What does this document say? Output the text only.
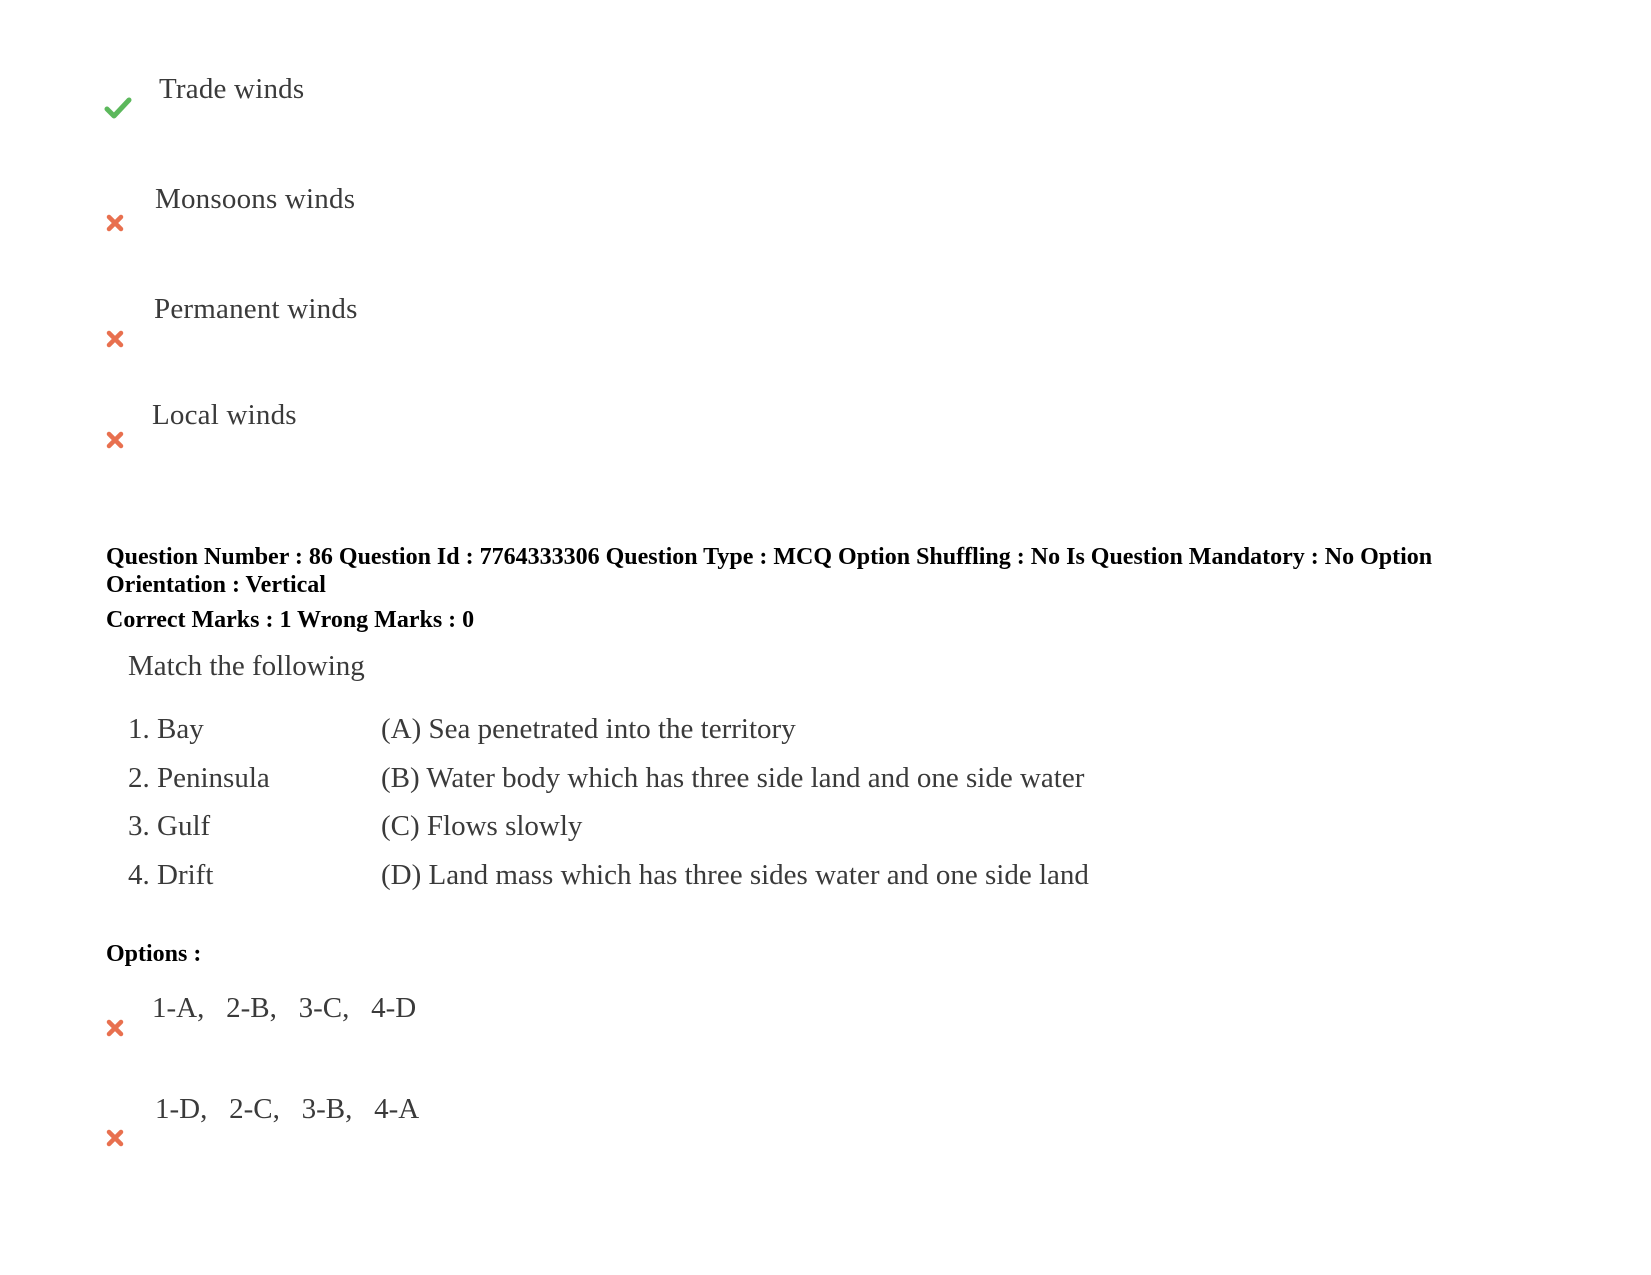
Trade winds
Monsoons winds
Permanent winds
Local winds
Question Number : 86 Question Id : 7764333306 Question Type : MCQ Option Shuffling : No Is Question Mandatory : No Option
Orientation : Vertical
Correct Marks : 1 Wrong Marks : 0
Match the following
1. Bay	(A) Sea penetrated into the territory
2. Peninsula	(B) Water body which has three side land and one side water
3. Gulf	(C) Flows slowly
4. Drift	(D) Land mass which has three sides water and one side land
Options :
1-A,   2-B,   3-C,   4-D
1-D,   2-C,   3-B,   4-A
